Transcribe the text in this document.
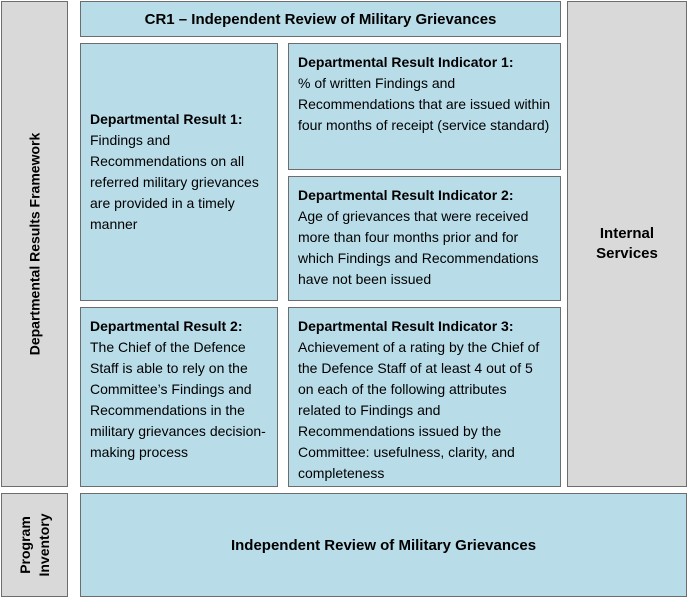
Departmental Results Framework
Program Inventory
CR1 – Independent Review of Military Grievances
Internal
Services
Departmental Result 1:
Findings and Recommendations on all referred military grievances are provided in a timely manner
Departmental Result 2:
The Chief of the Defence Staff is able to rely on the Committee’s Findings and Recommendations in the military grievances decision-making process
Departmental Result Indicator 1:
% of written Findings and Recommendations that are issued within four months of receipt (service standard)
Departmental Result Indicator 2:
Age of grievances that were received more than four months prior and for which Findings and Recommendations have not been issued
Departmental Result Indicator 3:
Achievement of a rating by the Chief of the Defence Staff of at least 4 out of 5 on each of the following attributes related to Findings and Recommendations issued by the Committee: usefulness, clarity, and completeness
Independent Review of Military Grievances
